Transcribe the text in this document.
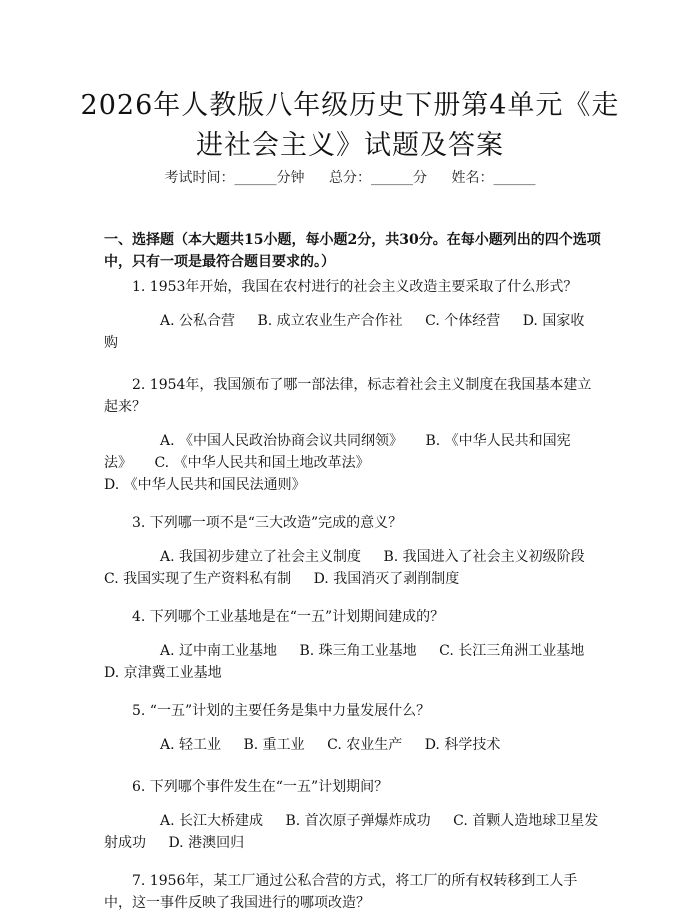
2026年人教版八年级历史下册第4单元《走进社会主义》试题及答案
考试时间：______分钟 总分：______分 姓名：______
一、选择题（本大题共15小题，每小题2分，共30分。在每小题列出的四个选项中，只有一项是最符合题目要求的。）

1. 1953年开始，我国在农村进行的社会主义改造主要采取了什么形式？

A. 公私合营 B. 成立农业生产合作社 C. 个体经营 D. 国家收购

2. 1954年，我国颁布了哪一部法律，标志着社会主义制度在我国基本建立起来？

A. 《中国人民政治协商会议共同纲领》 B. 《中华人民共和国宪法》 C. 《中华人民共和国土地改革法》 D. 《中华人民共和国民法通则》

3. 下列哪一项不是“三大改造”完成的意义？

A. 我国初步建立了社会主义制度 B. 我国进入了社会主义初级阶段 C. 我国实现了生产资料私有制 D. 我国消灭了剥削制度

4. 下列哪个工业基地是在“一五”计划期间建成的？

A. 辽中南工业基地 B. 珠三角工业基地 C. 长江三角洲工业基地 D. 京津冀工业基地

5. “一五”计划的主要任务是集中力量发展什么？

A. 轻工业 B. 重工业 C. 农业生产 D. 科学技术

6. 下列哪个事件发生在“一五”计划期间？

A. 长江大桥建成 B. 首次原子弹爆炸成功 C. 首颗人造地球卫星发射成功 D. 港澳回归

7. 1956年，某工厂通过公私合营的方式，将工厂的所有权转移到工人手中，这一事件反映了我国进行的哪项改造？
